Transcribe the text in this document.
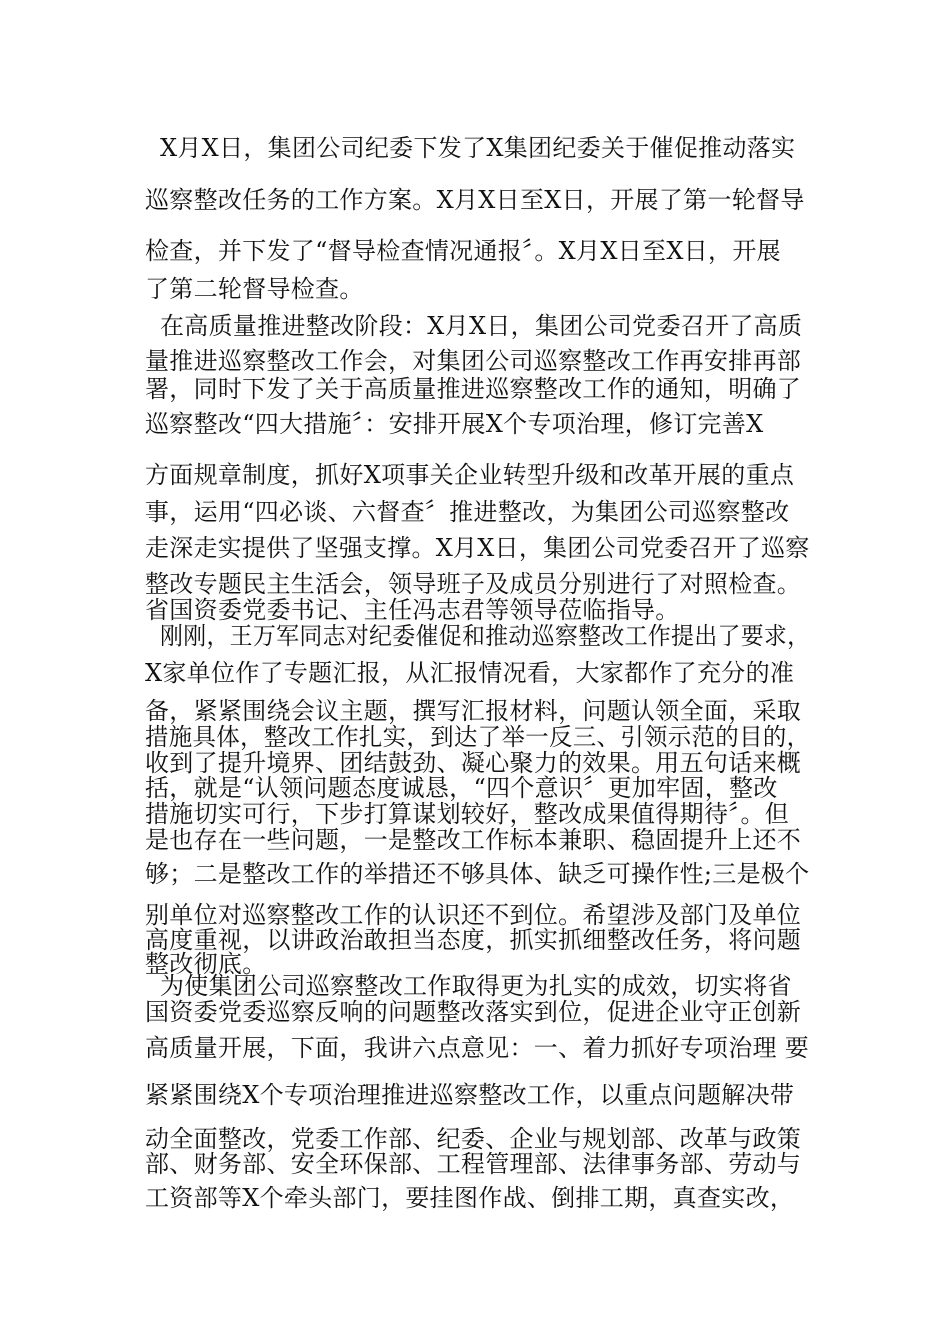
X月X日，集团公司纪委下发了X集团纪委关于催促推动落实
巡察整改任务的工作方案。X月X日至X日，开展了第一轮督导
检查，并下发了“督导检查情况通报〞。X月X日至X日，开展
了第二轮督导检查。
在高质量推进整改阶段：X月X日，集团公司党委召开了高质
量推进巡察整改工作会，对集团公司巡察整改工作再安排再部
署，同时下发了关于高质量推进巡察整改工作的通知，明确了
巡察整改“四大措施〞：安排开展X个专项治理，修订完善X
方面规章制度，抓好X项事关企业转型升级和改革开展的重点
事，运用“四必谈、六督查〞推进整改，为集团公司巡察整改
走深走实提供了坚强支撑。X月X日，集团公司党委召开了巡察
整改专题民主生活会，领导班子及成员分别进行了对照检查。
省国资委党委书记、主任冯志君等领导莅临指导。
刚刚，王万军同志对纪委催促和推动巡察整改工作提出了要求，
X家单位作了专题汇报，从汇报情况看，大家都作了充分的准
备，紧紧围绕会议主题，撰写汇报材料，问题认领全面，采取
措施具体，整改工作扎实，到达了举一反三、引领示范的目的，
收到了提升境界、团结鼓劲、凝心聚力的效果。用五句话来概
括，就是“认领问题态度诚恳，“四个意识〞更加牢固，整改
措施切实可行，下步打算谋划较好，整改成果值得期待〞。但
是也存在一些问题，一是整改工作标本兼职、稳固提升上还不
够；二是整改工作的举措还不够具体、缺乏可操作性;三是极个
别单位对巡察整改工作的认识还不到位。希望涉及部门及单位
高度重视，以讲政治敢担当态度，抓实抓细整改任务，将问题
整改彻底。
为使集团公司巡察整改工作取得更为扎实的成效，切实将省
国资委党委巡察反响的问题整改落实到位，促进企业守正创新
高质量开展，下面，我讲六点意见：一、着力抓好专项治理 要
紧紧围绕X个专项治理推进巡察整改工作，以重点问题解决带
动全面整改，党委工作部、纪委、企业与规划部、改革与政策
部、财务部、安全环保部、工程管理部、法律事务部、劳动与
工资部等X个牵头部门，要挂图作战、倒排工期，真查实改，
